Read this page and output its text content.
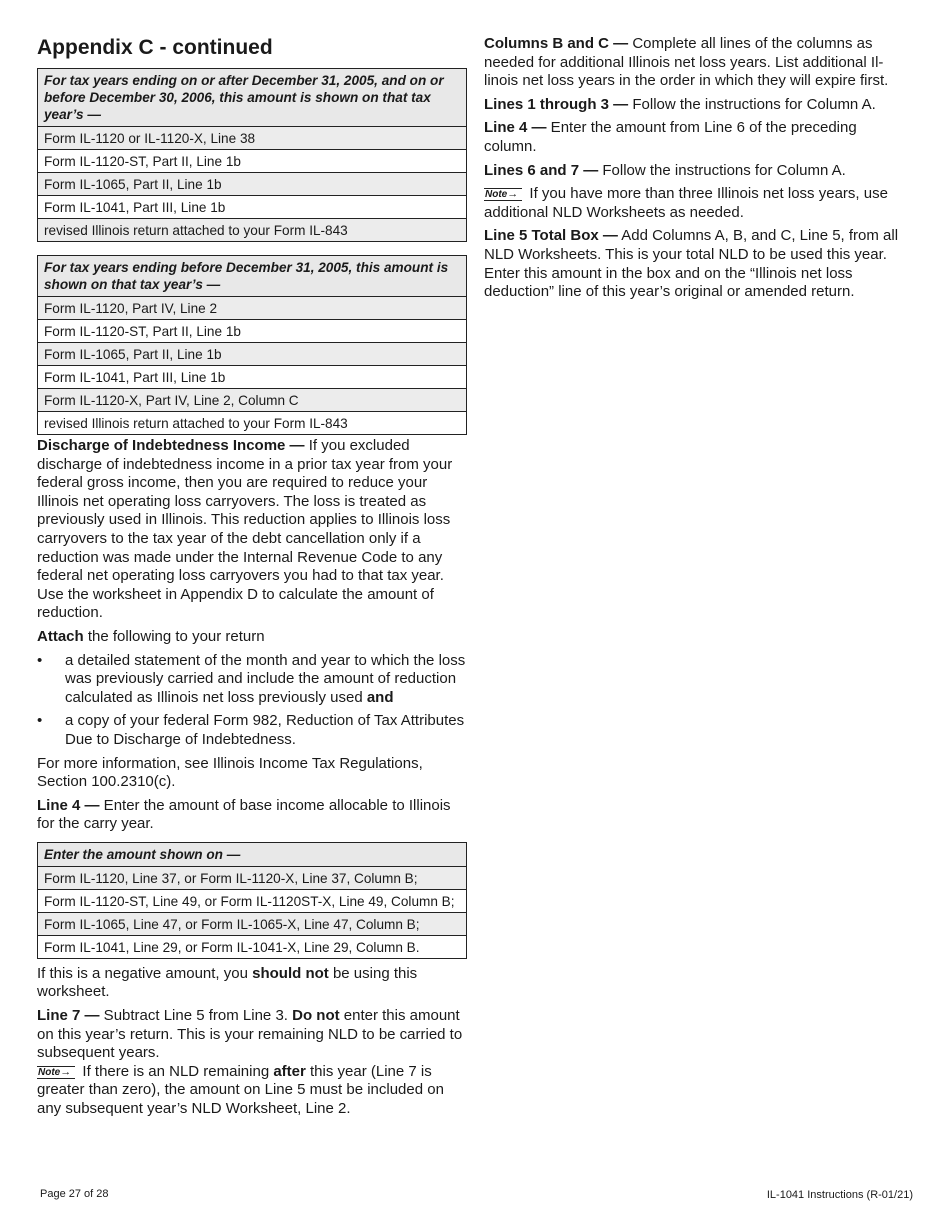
Appendix C - continued
For tax years ending on or after December 31, 2005, and on or before December 30, 2006, this amount is shown on that tax year’s —
Form IL-1120 or IL-1120-X, Line 38
Form IL-1120-ST, Part II, Line 1b
Form IL-1065, Part II, Line 1b
Form IL-1041, Part III, Line 1b
revised Illinois return attached to your Form IL-843
For tax years ending before December 31, 2005, this amount is shown on that tax year’s —
Form IL-1120, Part IV, Line 2
Form IL-1120-ST, Part II, Line 1b
Form IL-1065, Part II, Line 1b
Form IL-1041, Part III, Line 1b
Form IL-1120-X, Part IV, Line 2, Column C
revised Illinois return attached to your Form IL-843

Discharge of Indebtedness Income — If you excluded discharge of indebtedness income in a prior tax year from your federal gross income, then you are required to reduce your Illinois net operating loss carryovers. The loss is treated as previously used in Illinois. This reduction applies to Illinois loss carryovers to the tax year of the debt cancellation only if a reduction was made under the Internal Revenue Code to any federal net operating loss carryovers you had to that tax year. Use the worksheet in Appendix D to calculate the amount of reduction.

Attach the following to your return

• a detailed statement of the month and year to which the loss was previously carried and include the amount of reduction calculated as Illinois net loss previously used and
• a copy of your federal Form 982, Reduction of Tax Attributes Due to Discharge of Indebtedness.

For more information, see Illinois Income Tax Regulations, Section 100.2310(c).

Line 4 — Enter the amount of base income allocable to Illinois for the carry year.

Enter the amount shown on —
Form IL-1120, Line 37, or Form IL-1120-X, Line 37, Column B;
Form IL-1120-ST, Line 49, or Form IL-1120ST-X, Line 49, Column B;
Form IL-1065, Line 47, or Form IL-1065-X, Line 47, Column B;
Form IL-1041, Line 29, or Form IL-1041-X, Line 29, Column B.

If this is a negative amount, you should not be using this worksheet.

Line 7 — Subtract Line 5 from Line 3. Do not enter this amount on this year’s return. This is your remaining NLD to be carried to subsequent years.

Note→ If there is an NLD remaining after this year (Line 7 is greater than zero), the amount on Line 5 must be included on any subsequent year’s NLD Worksheet, Line 2.

Columns B and C — Complete all lines of the columns as needed for additional Illinois net loss years. List additional Il-linois net loss years in the order in which they will expire first.

Lines 1 through 3 — Follow the instructions for Column A.

Line 4 — Enter the amount from Line 6 of the preceding column.

Lines 6 and 7 — Follow the instructions for Column A.

Note→ If you have more than three Illinois net loss years, use additional NLD Worksheets as needed.

Line 5 Total Box — Add Columns A, B, and C, Line 5, from all NLD Worksheets. This is your total NLD to be used this year. Enter this amount in the box and on the “Illinois net loss deduction” line of this year’s original or amended return.

Page 27 of 28	IL-1041 Instructions (R-01/21)
